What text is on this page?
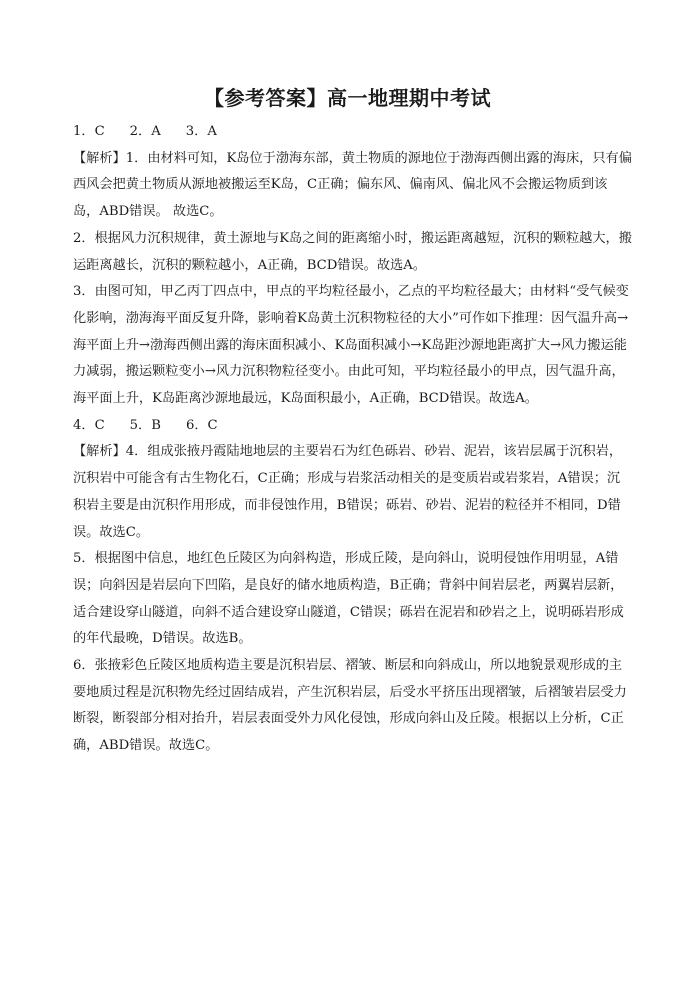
【参考答案】高一地理期中考试

1．C 2．A 3．A

【解析】1．由材料可知，K岛位于渤海东部，黄土物质的源地位于渤海西侧出露的海床，只有偏西风会把黄土物质从源地被搬运至K岛，C正确；偏东风、偏南风、偏北风不会搬运物质到该岛，ABD错误。 故选C。

2．根据风力沉积规律，黄土源地与K岛之间的距离缩小时，搬运距离越短，沉积的颗粒越大，搬运距离越长，沉积的颗粒越小，A正确，BCD错误。故选A。

3．由图可知，甲乙丙丁四点中，甲点的平均粒径最小，乙点的平均粒径最大；由材料“受气候变化影响，渤海海平面反复升降，影响着K岛黄土沉积物粒径的大小”可作如下推理：因气温升高→海平面上升→渤海西侧出露的海床面积减小、K岛面积减小→K岛距沙源地距离扩大→风力搬运能力减弱，搬运颗粒变小→风力沉积物粒径变小。由此可知，平均粒径最小的甲点，因气温升高，海平面上升，K岛距离沙源地最远，K岛面积最小，A正确，BCD错误。故选A。

4．C 5．B 6．C

【解析】4．组成张掖丹霞陆地地层的主要岩石为红色砾岩、砂岩、泥岩，该岩层属于沉积岩，沉积岩中可能含有古生物化石，C正确；形成与岩浆活动相关的是变质岩或岩浆岩，A错误；沉积岩主要是由沉积作用形成，而非侵蚀作用，B错误；砾岩、砂岩、泥岩的粒径并不相同，D错误。故选C。

5．根据图中信息，地红色丘陵区为向斜构造，形成丘陵，是向斜山，说明侵蚀作用明显，A错误；向斜因是岩层向下凹陷，是良好的储水地质构造，B正确；背斜中间岩层老，两翼岩层新，适合建设穿山隧道，向斜不适合建设穿山隧道，C错误；砾岩在泥岩和砂岩之上，说明砾岩形成的年代最晚，D错误。故选B。

6．张掖彩色丘陵区地质构造主要是沉积岩层、褶皱、断层和向斜成山，所以地貌景观形成的主要地质过程是沉积物先经过固结成岩，产生沉积岩层，后受水平挤压出现褶皱，后褶皱岩层受力断裂，断裂部分相对抬升，岩层表面受外力风化侵蚀，形成向斜山及丘陵。根据以上分析，C正确，ABD错误。故选C。
